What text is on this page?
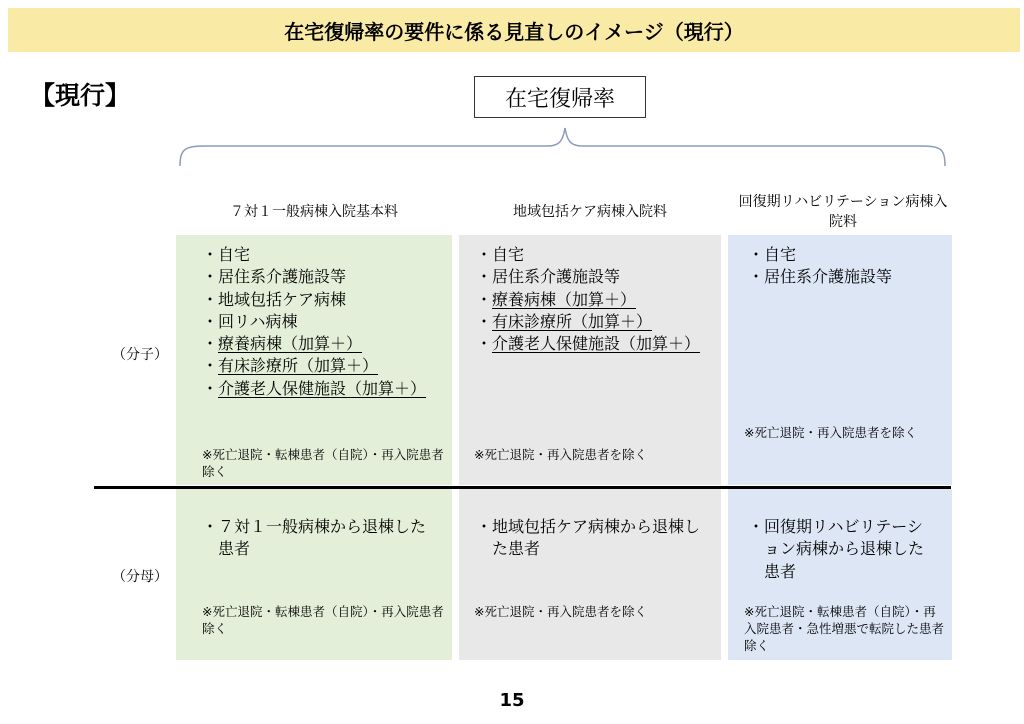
在宅復帰率の要件に係る見直しのイメージ（現行）
【現行】	在宅復帰率
７対１一般病棟入院基本料	地域包括ケア病棟入院料
回復期リハビリテーション病棟入院料
（分子）
（分母）
・ 自宅
・ 居住系介護施設等
・ 地域包括ケア病棟
・ 回リハ病棟
・ 療養病棟（加算＋）
・ 有床診療所（加算＋）
・ 介護老人保健施設（加算＋）
※死亡退院・転棟患者（自院）・再入院患者除く
・ 自宅
・ 居住系介護施設等
・ 療養病棟（加算＋）
・ 有床診療所（加算＋）
・ 介護老人保健施設（加算＋）
※死亡退院・再入院患者を除く
・ 自宅
・ 居住系介護施設等
※死亡退院・再入院患者を除く
・ ７対１一般病棟から退棟した患者
※死亡退院・転棟患者（自院）・再入院患者除く
・ 地域包括ケア病棟から退棟した患者
※死亡退院・再入院患者を除く
・ 回復期リハビリテーション病棟から退棟した患者
※死亡退院・転棟患者（自院）・再入院患者・急性増悪で転院した患者除く
15
